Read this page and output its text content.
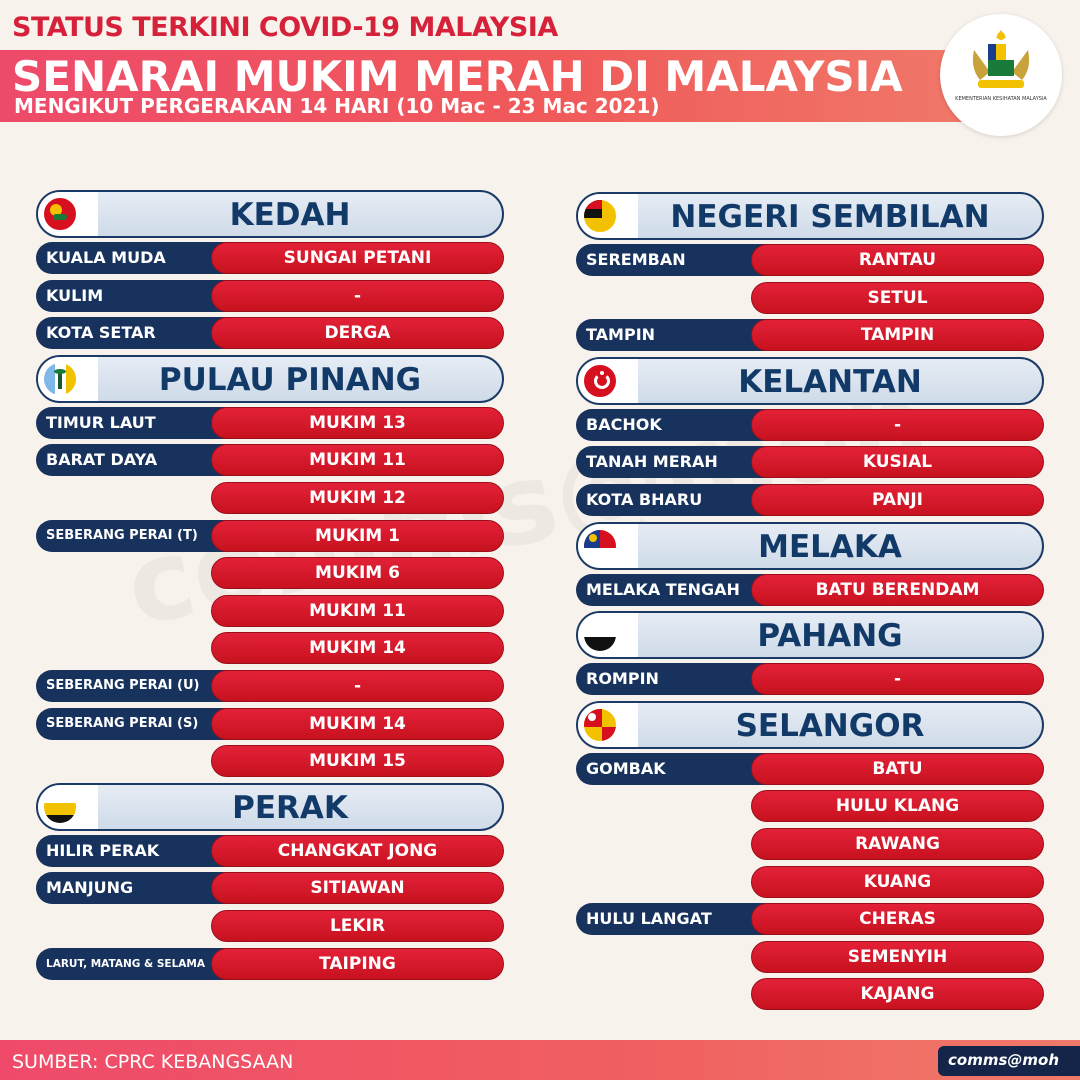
STATUS TERKINI COVID-19 MALAYSIA
SENARAI MUKIM MERAH DI MALAYSIA
MENGIKUT PERGERAKAN 14 HARI (10 Mac - 23 Mac 2021)	KEMENTERIAN KESIHATAN MALAYSIA
KEDAH
KUALA MUDA	SUNGAI PETANI
KULIM	-
KOTA SETAR	DERGA
PULAU PINANG
TIMUR LAUT	MUKIM 13
BARAT DAYA	MUKIM 11
MUKIM 12
SEBERANG PERAI (T)	MUKIM 1
MUKIM 6
MUKIM 11
MUKIM 14
SEBERANG PERAI (U)	-
SEBERANG PERAI (S)	MUKIM 14
MUKIM 15
PERAK
HILIR PERAK	CHANGKAT JONG
MANJUNG	SITIAWAN
LEKIR
LARUT, MATANG & SELAMA	TAIPING
NEGERI SEMBILAN
SEREMBAN	RANTAU
SETUL
TAMPIN	TAMPIN
KELANTAN
BACHOK	-
TANAH MERAH	KUSIAL
KOTA BHARU	PANJI
MELAKA
MELAKA TENGAH	BATU BERENDAM
PAHANG
ROMPIN	-
SELANGOR
GOMBAK	BATU
HULU KLANG
RAWANG
KUANG
HULU LANGAT	CHERAS
SEMENYIH
KAJANG
SUMBER: CPRC KEBANGSAAN	comms@moh
